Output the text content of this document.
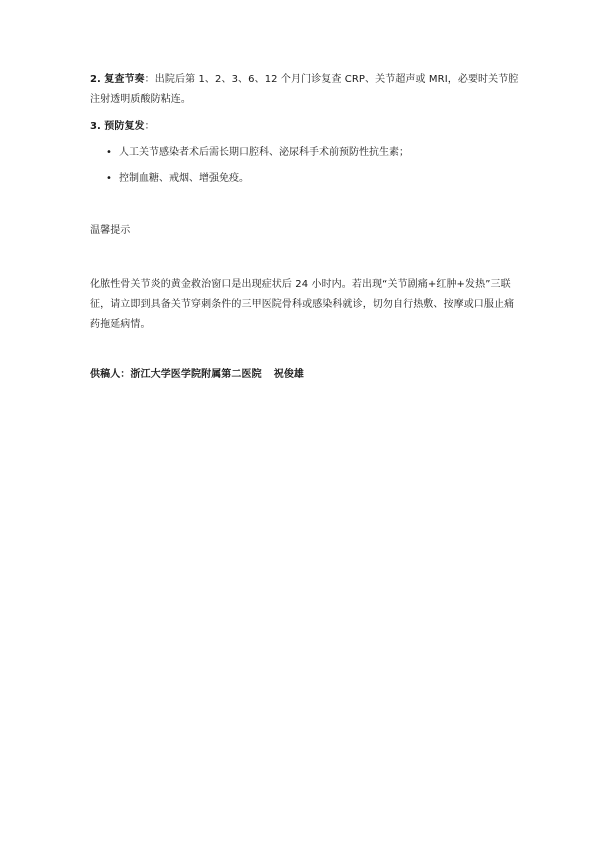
2. 复查节奏：出院后第 1、2、3、6、12 个月门诊复查 CRP、关节超声或 MRI，必要时关节腔注射透明质酸防粘连。

3. 预防复发：

• 人工关节感染者术后需长期口腔科、泌尿科手术前预防性抗生素；
• 控制血糖、戒烟、增强免疫。

温馨提示

化脓性骨关节炎的黄金救治窗口是出现症状后 24 小时内。若出现“关节剧痛+红肿+发热”三联征，请立即到具备关节穿刺条件的三甲医院骨科或感染科就诊，切勿自行热敷、按摩或口服止痛药拖延病情。

供稿人：浙江大学医学院附属第二医院 祝俊雄
